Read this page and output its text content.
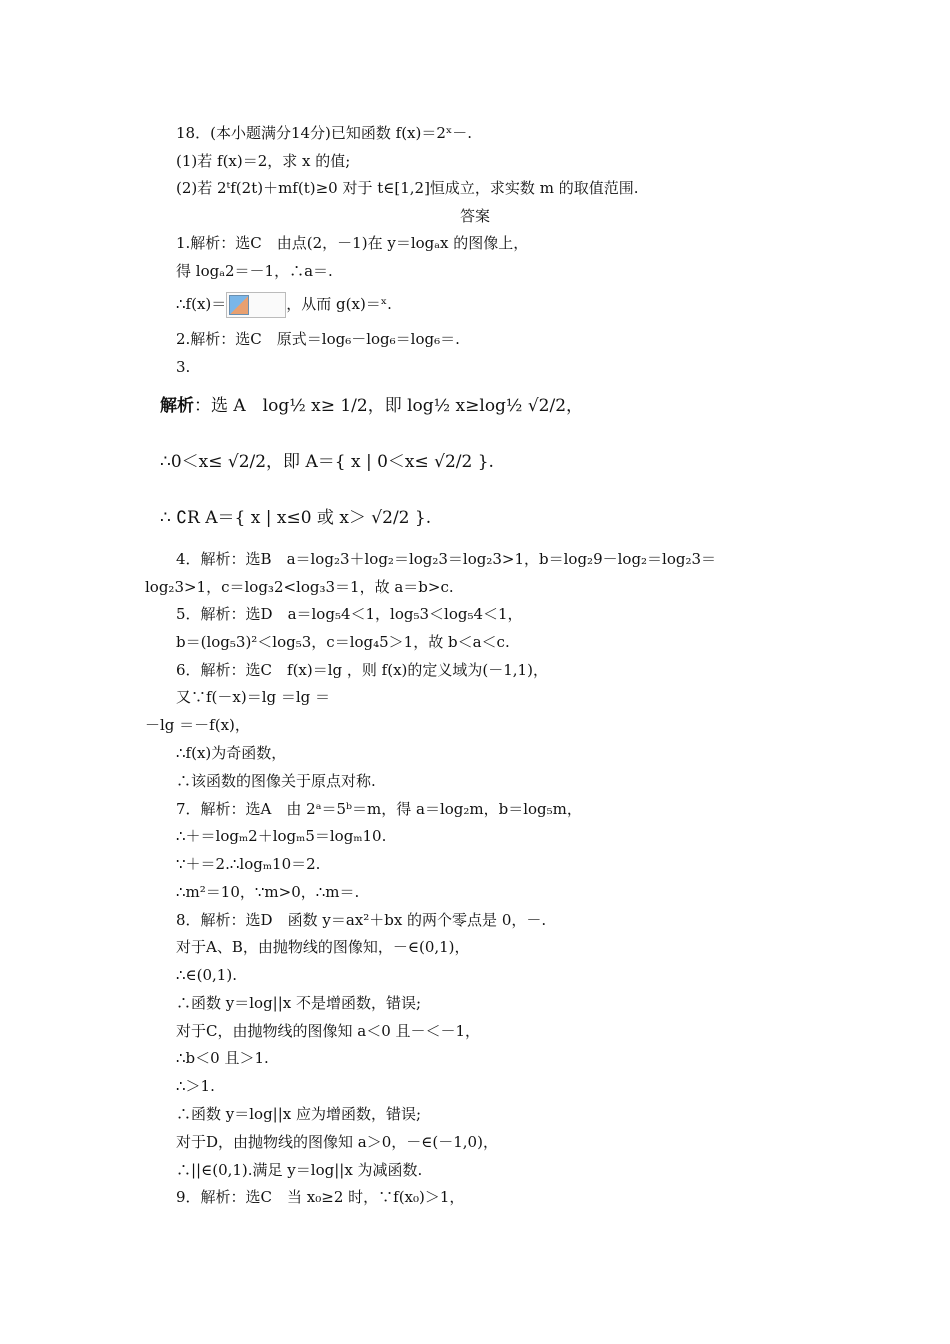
18．(本小题满分14分)已知函数 f(x)＝2ˣ－.
(1)若 f(x)＝2，求 x 的值;
(2)若 2ᵗf(2t)＋mf(t)≥0 对于 t∈[1,2]恒成立，求实数 m 的取值范围.
答案
1.解析：选C　由点(2，－1)在 y＝logₐx 的图像上，
得 logₐ2＝－1，∴a＝.
∴f(x)＝	，从而 g(x)＝ˣ.
2.解析：选C　原式＝log₆－log₆＝log₆＝.
3.
解析：选 A　log½ x≥ 1/2，即 log½ x≥log½ √2/2，
∴0＜x≤ √2/2，即 A＝{ x | 0＜x≤ √2/2 }.
∴ ∁R A＝{ x | x≤0 或 x＞ √2/2 }.
4．解析：选B　a＝log₂3＋log₂＝log₂3＝log₂3>1，b＝log₂9－log₂＝log₂3＝
log₂3>1，c＝log₃2<log₃3＝1，故 a＝b>c.
5．解析：选D　a＝log₅4＜1，log₅3＜log₅4＜1，
b＝(log₅3)²＜log₅3，c＝log₄5＞1，故 b＜a＜c.
6．解析：选C　f(x)＝lg ，则 f(x)的定义域为(－1,1)，
又∵f(－x)＝lg ＝lg ＝
－lg ＝－f(x)，
∴f(x)为奇函数，
∴该函数的图像关于原点对称.
7．解析：选A　由 2ᵃ＝5ᵇ＝m，得 a＝log₂m，b＝log₅m，
∴＋＝logₘ2＋logₘ5＝logₘ10.
∵＋＝2.∴logₘ10＝2.
∴m²＝10，∵m>0，∴m＝.
8．解析：选D　函数 y＝ax²＋bx 的两个零点是 0，－.
对于A、B，由抛物线的图像知，－∈(0,1)，
∴∈(0,1).
∴函数 y＝log||x 不是增函数，错误;
对于C，由抛物线的图像知 a＜0 且－＜－1，
∴b＜0 且＞1.
∴＞1.
∴函数 y＝log||x 应为增函数，错误;
对于D，由抛物线的图像知 a＞0，－∈(－1,0)，
∴||∈(0,1).满足 y＝log||x 为减函数.
9．解析：选C　当 x₀≥2 时，∵f(x₀)＞1，
